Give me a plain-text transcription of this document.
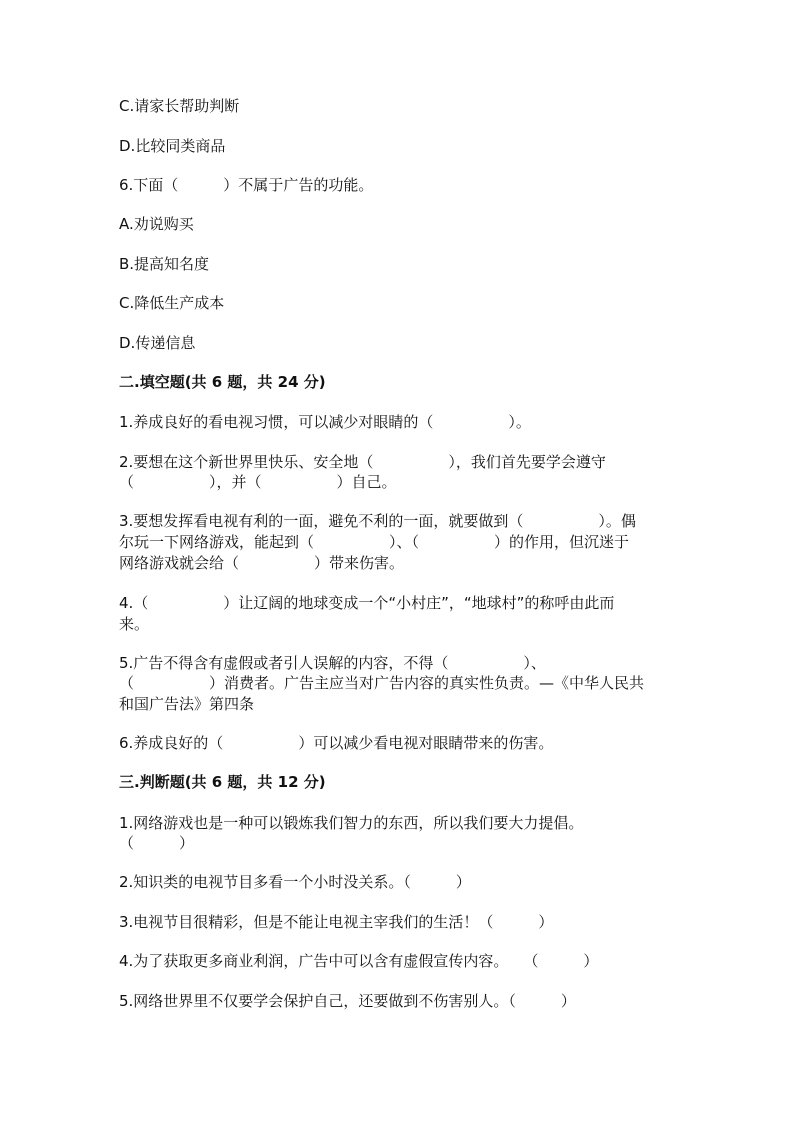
C.请家长帮助判断
D.比较同类商品
6.下面（　　　）不属于广告的功能。
A.劝说购买
B.提高知名度
C.降低生产成本
D.传递信息
二.填空题(共 6 题，共 24 分)
1.养成良好的看电视习惯，可以减少对眼睛的（　　　　　）。
2.要想在这个新世界里快乐、安全地（　　　　　），我们首先要学会遵守
（　　　　　），并（　　　　　）自己。
3.要想发挥看电视有利的一面，避免不利的一面，就要做到（　　　　　）。偶
尔玩一下网络游戏，能起到（　　　　　）、（　　　　　）的作用，但沉迷于
网络游戏就会给（　　　　　）带来伤害。
4.（　　　　　）让辽阔的地球变成一个“小村庄”，“地球村”的称呼由此而
来。
5.广告不得含有虚假或者引人误解的内容，不得（　　　　　）、
（　　　　　）消费者。广告主应当对广告内容的真实性负责。—《中华人民共
和国广告法》第四条
6.养成良好的（　　　　　）可以减少看电视对眼睛带来的伤害。
三.判断题(共 6 题，共 12 分)
1.网络游戏也是一种可以锻炼我们智力的东西，所以我们要大力提倡。
（　　　）
2.知识类的电视节目多看一个小时没关系。（　　　）
3.电视节目很精彩，但是不能让电视主宰我们的生活！（　　　）
4.为了获取更多商业利润，广告中可以含有虚假宣传内容。　　（　　　）
5.网络世界里不仅要学会保护自己，还要做到不伤害别人。（　　　）
